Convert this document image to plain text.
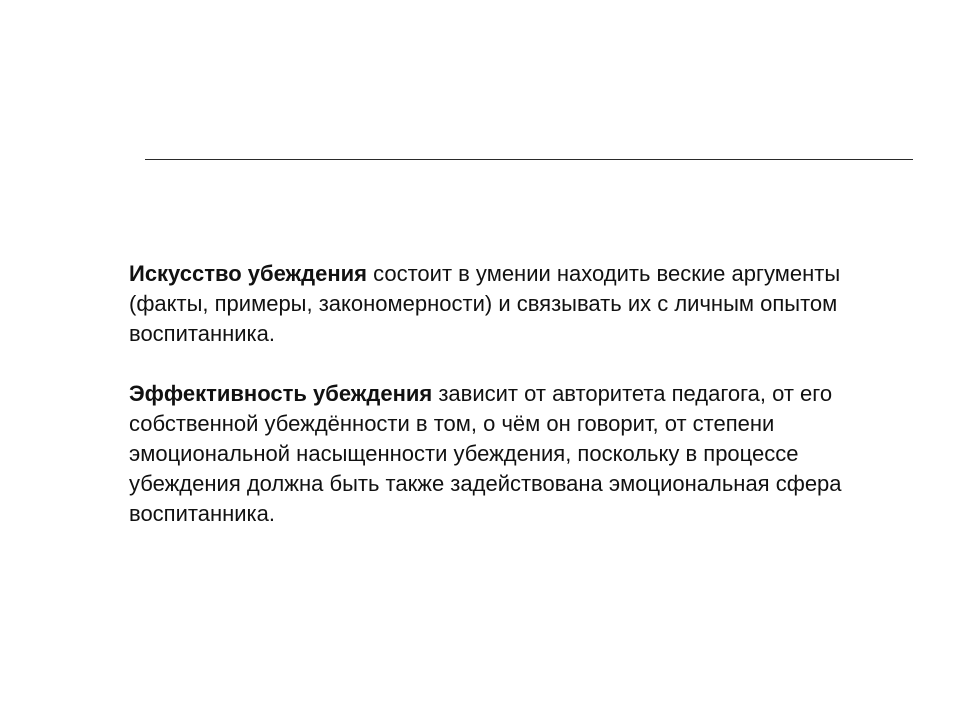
Искусство убеждения состоит в умении находить веские аргументы (факты, примеры, закономерности) и связывать их с личным опытом воспитанника.

Эффективность убеждения зависит от авторитета педагога, от его собственной убеждённости в том, о чём он говорит, от степени эмоциональной насыщенности убеждения, поскольку в процессе убеждения должна быть также задействована эмоциональная сфера воспитанника.
